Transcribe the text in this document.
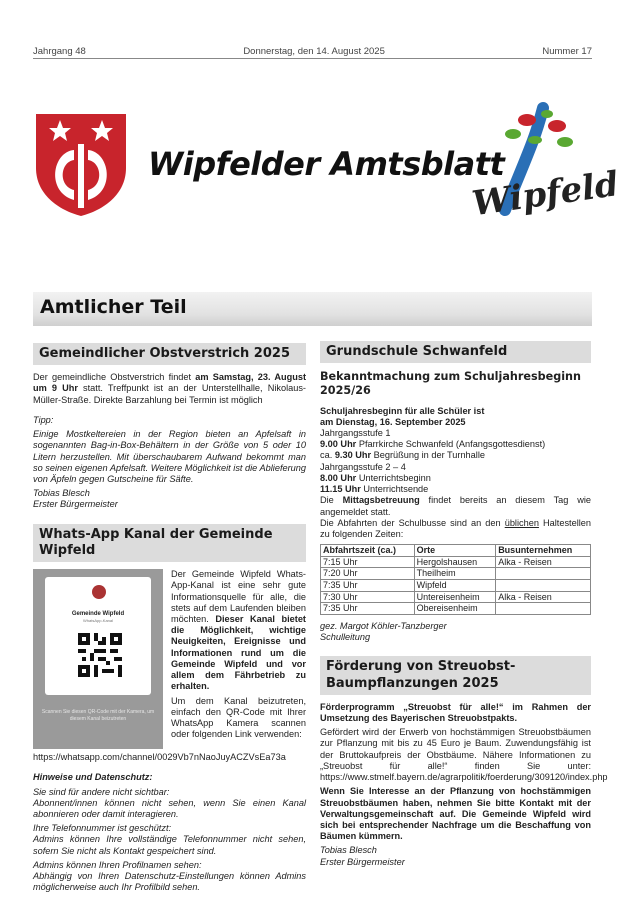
Jahrgang 48	Donnerstag, den 14. August 2025	Nummer 17
Wipfelder Amtsblatt
Wipfeld
Amtlicher Teil
Gemeindlicher Obstverstrich 2025

Der gemeindliche Obstverstrich findet am Samstag, 23. August um 9 Uhr statt. Treffpunkt ist an der Unterstellhalle, Nikolaus-Müller-Straße. Direkte Barzahlung bei Termin ist möglich

Tipp:

Einige Mostkeltereien in der Region bieten an Apfelsaft in sogenannten Bag-in-Box-Behältern in der Größe von 5 oder 10 Litern herzustellen. Mit überschaubarem Aufwand bekommt man so seinen eigenen Apfelsaft. Weitere Möglichkeit ist die Ablieferung von Äpfeln gegen Gutscheine für Säfte.

Tobias Blesch

Erster Bürgermeister

Whats-App Kanal der Gemeinde Wipfeld
Gemeinde Wipfeld
WhatsApp-Kanal
Scannen Sie diesen QR-Code mit der Kamera, um diesem Kanal beizutreten

Der Gemeinde Wipfeld Whats-App-Kanal ist eine sehr gute Informationsquelle für alle, die stets auf dem Laufenden bleiben möchten. Dieser Kanal bietet die Möglichkeit, wichtige Neuigkeiten, Ereignisse und Informationen rund um die Gemeinde Wipfeld und vor allem dem Fährbetrieb zu erhalten.

Um dem Kanal beizutreten, einfach den QR-Code mit Ihrer WhatsApp Kamera scannen oder folgenden Link verwenden:

https://whatsapp.com/channel/0029Vb7nNaoJuyACZVsEa73a

Hinweise und Datenschutz:

Sie sind für andere nicht sichtbar:

Abonnent/innen können nicht sehen, wenn Sie einen Kanal abonnieren oder damit interagieren.

Ihre Telefonnummer ist geschützt:

Admins können Ihre vollständige Telefonnummer nicht sehen, sofern Sie nicht als Kontakt gespeichert sind.

Admins können Ihren Profilnamen sehen:

Abhängig von Ihren Datenschutz-Einstellungen können Admins möglicherweise auch Ihr Profilbild sehen.

Grundschule Schwanfeld
Bekanntmachung zum Schuljahresbeginn 2025/26

Schuljahresbeginn für alle Schüler ist

am Dienstag, 16. September 2025

Jahrgangsstufe 1

9.00 Uhr Pfarrkirche Schwanfeld (Anfangsgottesdienst)

ca. 9.30 Uhr Begrüßung in der Turnhalle

Jahrgangsstufe 2 – 4

8.00 Uhr Unterrichtsbeginn

11.15 Uhr Unterrichtsende

Die Mittagsbetreuung findet bereits an diesem Tag wie angemeldet statt.

Die Abfahrten der Schulbusse sind an den üblichen Haltestellen zu folgenden Zeiten:

Abfahrtszeit (ca.)	Orte	Busunternehmen
7:15 Uhr	Hergolshausen	Alka - Reisen
7:20 Uhr	Theilheim	
7:35 Uhr	Wipfeld	
7:30 Uhr	Untereisenheim	Alka - Reisen
7:35 Uhr	Obereisenheim	

gez. Margot Köhler-Tanzberger

Schulleitung

Förderung von Streuobst-
Baumpflanzungen 2025

Förderprogramm „Streuobst für alle!“ im Rahmen der Umsetzung des Bayerischen Streuobstpakts.

Gefördert wird der Erwerb von hochstämmigen Streuobstbäumen zur Pflanzung mit bis zu 45 Euro je Baum. Zuwendungsfähig ist der Bruttokaufpreis der Obstbäume. Nähere Informationen zu „Streuobst für alle!“ finden Sie unter: https://www.stmelf.bayern.de/agrarpolitik/foerderung/309120/index.php

Wenn Sie Interesse an der Pflanzung von hochstämmigen Streuobstbäumen haben, nehmen Sie bitte Kontakt mit der Verwaltungsgemeinschaft auf. Die Gemeinde Wipfeld wird sich bei entsprechender Nachfrage um die Beschaffung von Bäumen kümmern.

Tobias Blesch

Erster Bürgermeister
